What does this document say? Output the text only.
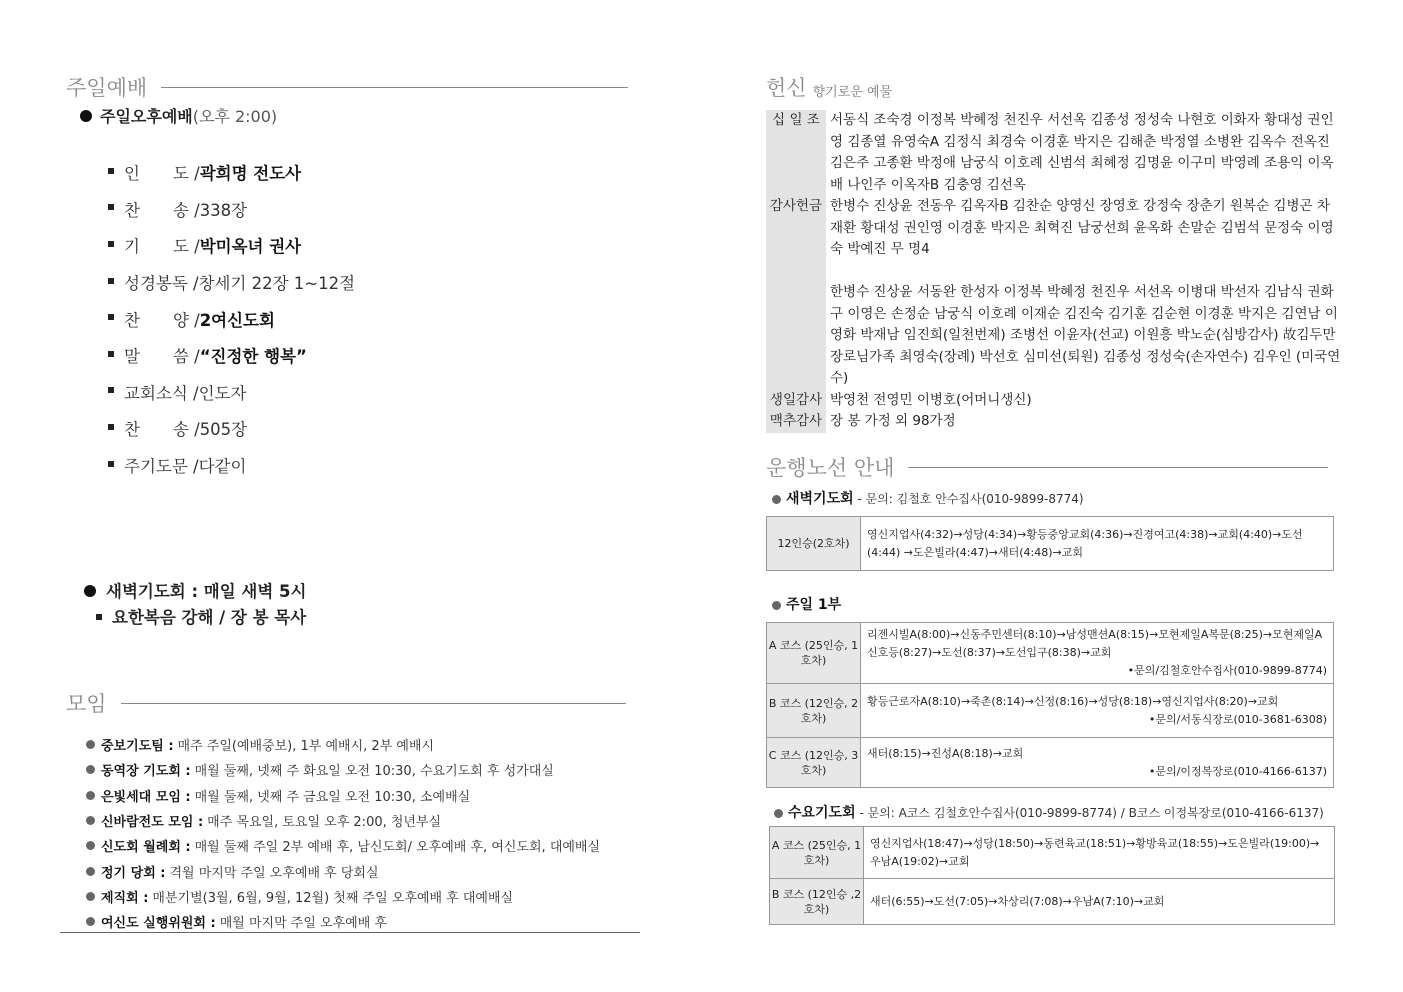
주일예배
주일오후예배(오후 2:00)
인　　도 / 곽희명 전도사
찬　　송 / 338장
기　　도 / 박미옥녀 권사
성경봉독 / 창세기 22장 1~12절
찬　　양 / 2여신도회
말　　씀 / “진정한 행복”
교회소식 / 인도자
찬　　송 / 505장
주기도문 / 다같이
새벽기도회 : 매일 새벽 5시
요한복음 강해 / 장 봉 목사
모임
중보기도팀 : 매주 주일(예배중보), 1부 예배시, 2부 예배시
동역장 기도회 : 매월 둘째, 넷째 주 화요일 오전 10:30, 수요기도회 후 성가대실
은빛세대 모임 : 매월 둘째, 넷째 주 금요일 오전 10:30, 소예배실
신바람전도 모임 : 매주 목요일, 토요일 오후 2:00, 청년부실
신도회 월례회 : 매월 둘째 주일 2부 예배 후, 남신도회/ 오후예배 후, 여신도회, 대예배실
정기 당회 : 격월 마지막 주일 오후예배 후 당회실
제직회 : 매분기별(3월, 6월, 9월, 12월) 첫째 주일 오후예배 후 대예배실
여신도 실행위원회 : 매월 마지막 주일 오후예배 후
헌신 향기로운 예물
십 일 조	서동식 조숙경 이정복 박혜정 천진우 서선옥 김종성 정성숙 나현호 이화자 황대성 권인영 김종열 유영숙A 김정식 최경숙 이경훈 박지은 김해춘 박정열 소병완 김옥수 전옥진 김은주 고종환 박정애 남궁식 이호례 신범석 최혜정 김명윤 이구미 박영례 조용익 이옥배 나인주 이옥자B 김충영 김선옥
감사헌금	한병수 진상윤 전동우 김옥자B 김찬순 양영신 장영호 강정숙 장춘기 원복순 김병곤 차재환 황대성 권인영 이경훈 박지은 최혁진 남궁선희 윤옥화 손말순 김범석 문정숙 이영숙 박예진 무 명4

	한병수 진상윤 서동완 한성자 이정복 박혜정 천진우 서선옥 이병대 박선자 김남식 권화구 이영은 손정순 남궁식 이호례 이재순 김진숙 김기훈 김순현 이경훈 박지은 김연남 이영화 박재남 임진희(일천번제) 조병선 이윤자(선교) 이원흥 박노순(심방감사) 故김두만장로님가족 최영숙(장례) 박선호 심미선(퇴원) 김종성 정성숙(손자연수) 김우인 (미국연수)
생일감사	박영천 전영민 이병호(어머니생신)
맥추감사	장 봉 가정 외 98가정
운행노선 안내
새벽기도회 - 문의: 김철호 안수집사(010-9899-8774)
12인승(2호차)	영신지업사(4:32)→성당(4:34)→황등중앙교회(4:36)→진경여고(4:38)→교회(4:40)→도선(4:44) →도은빌라(4:47)→새터(4:48)→교회
주일 1부
A 코스 (25인승, 1호차)	리젠시빌A(8:00)→신동주민센터(8:10)→남성맨션A(8:15)→모현제일A복문(8:25)→모현제일A 신호등(8:27)→도선(8:37)→도선입구(8:38)→교회
•문의/김철호안수집사(010-9899-8774)

B 코스 (12인승, 2호차)	황등근로자A(8:10)→죽촌(8:14)→신정(8:16)→성당(8:18)→영신지업사(8:20)→교회
•문의/서동식장로(010-3681-6308)

C 코스 (12인승, 3호차)	새터(8:15)→진성A(8:18)→교회
•문의/이정복장로(010-4166-6137)
수요기도회 - 문의: A코스 김철호안수집사(010-9899-8774) / B코스 이정복장로(010-4166-6137)
A 코스 (25인승, 1호차)	영신지업사(18:47)→성당(18:50)→동련육교(18:51)→황방육교(18:55)→도은빌라(19:00)→ 우남A(19:02)→교회
B 코스 (12인승 ,2호차)	새터(6:55)→도선(7:05)→차상리(7:08)→우남A(7:10)→교회
